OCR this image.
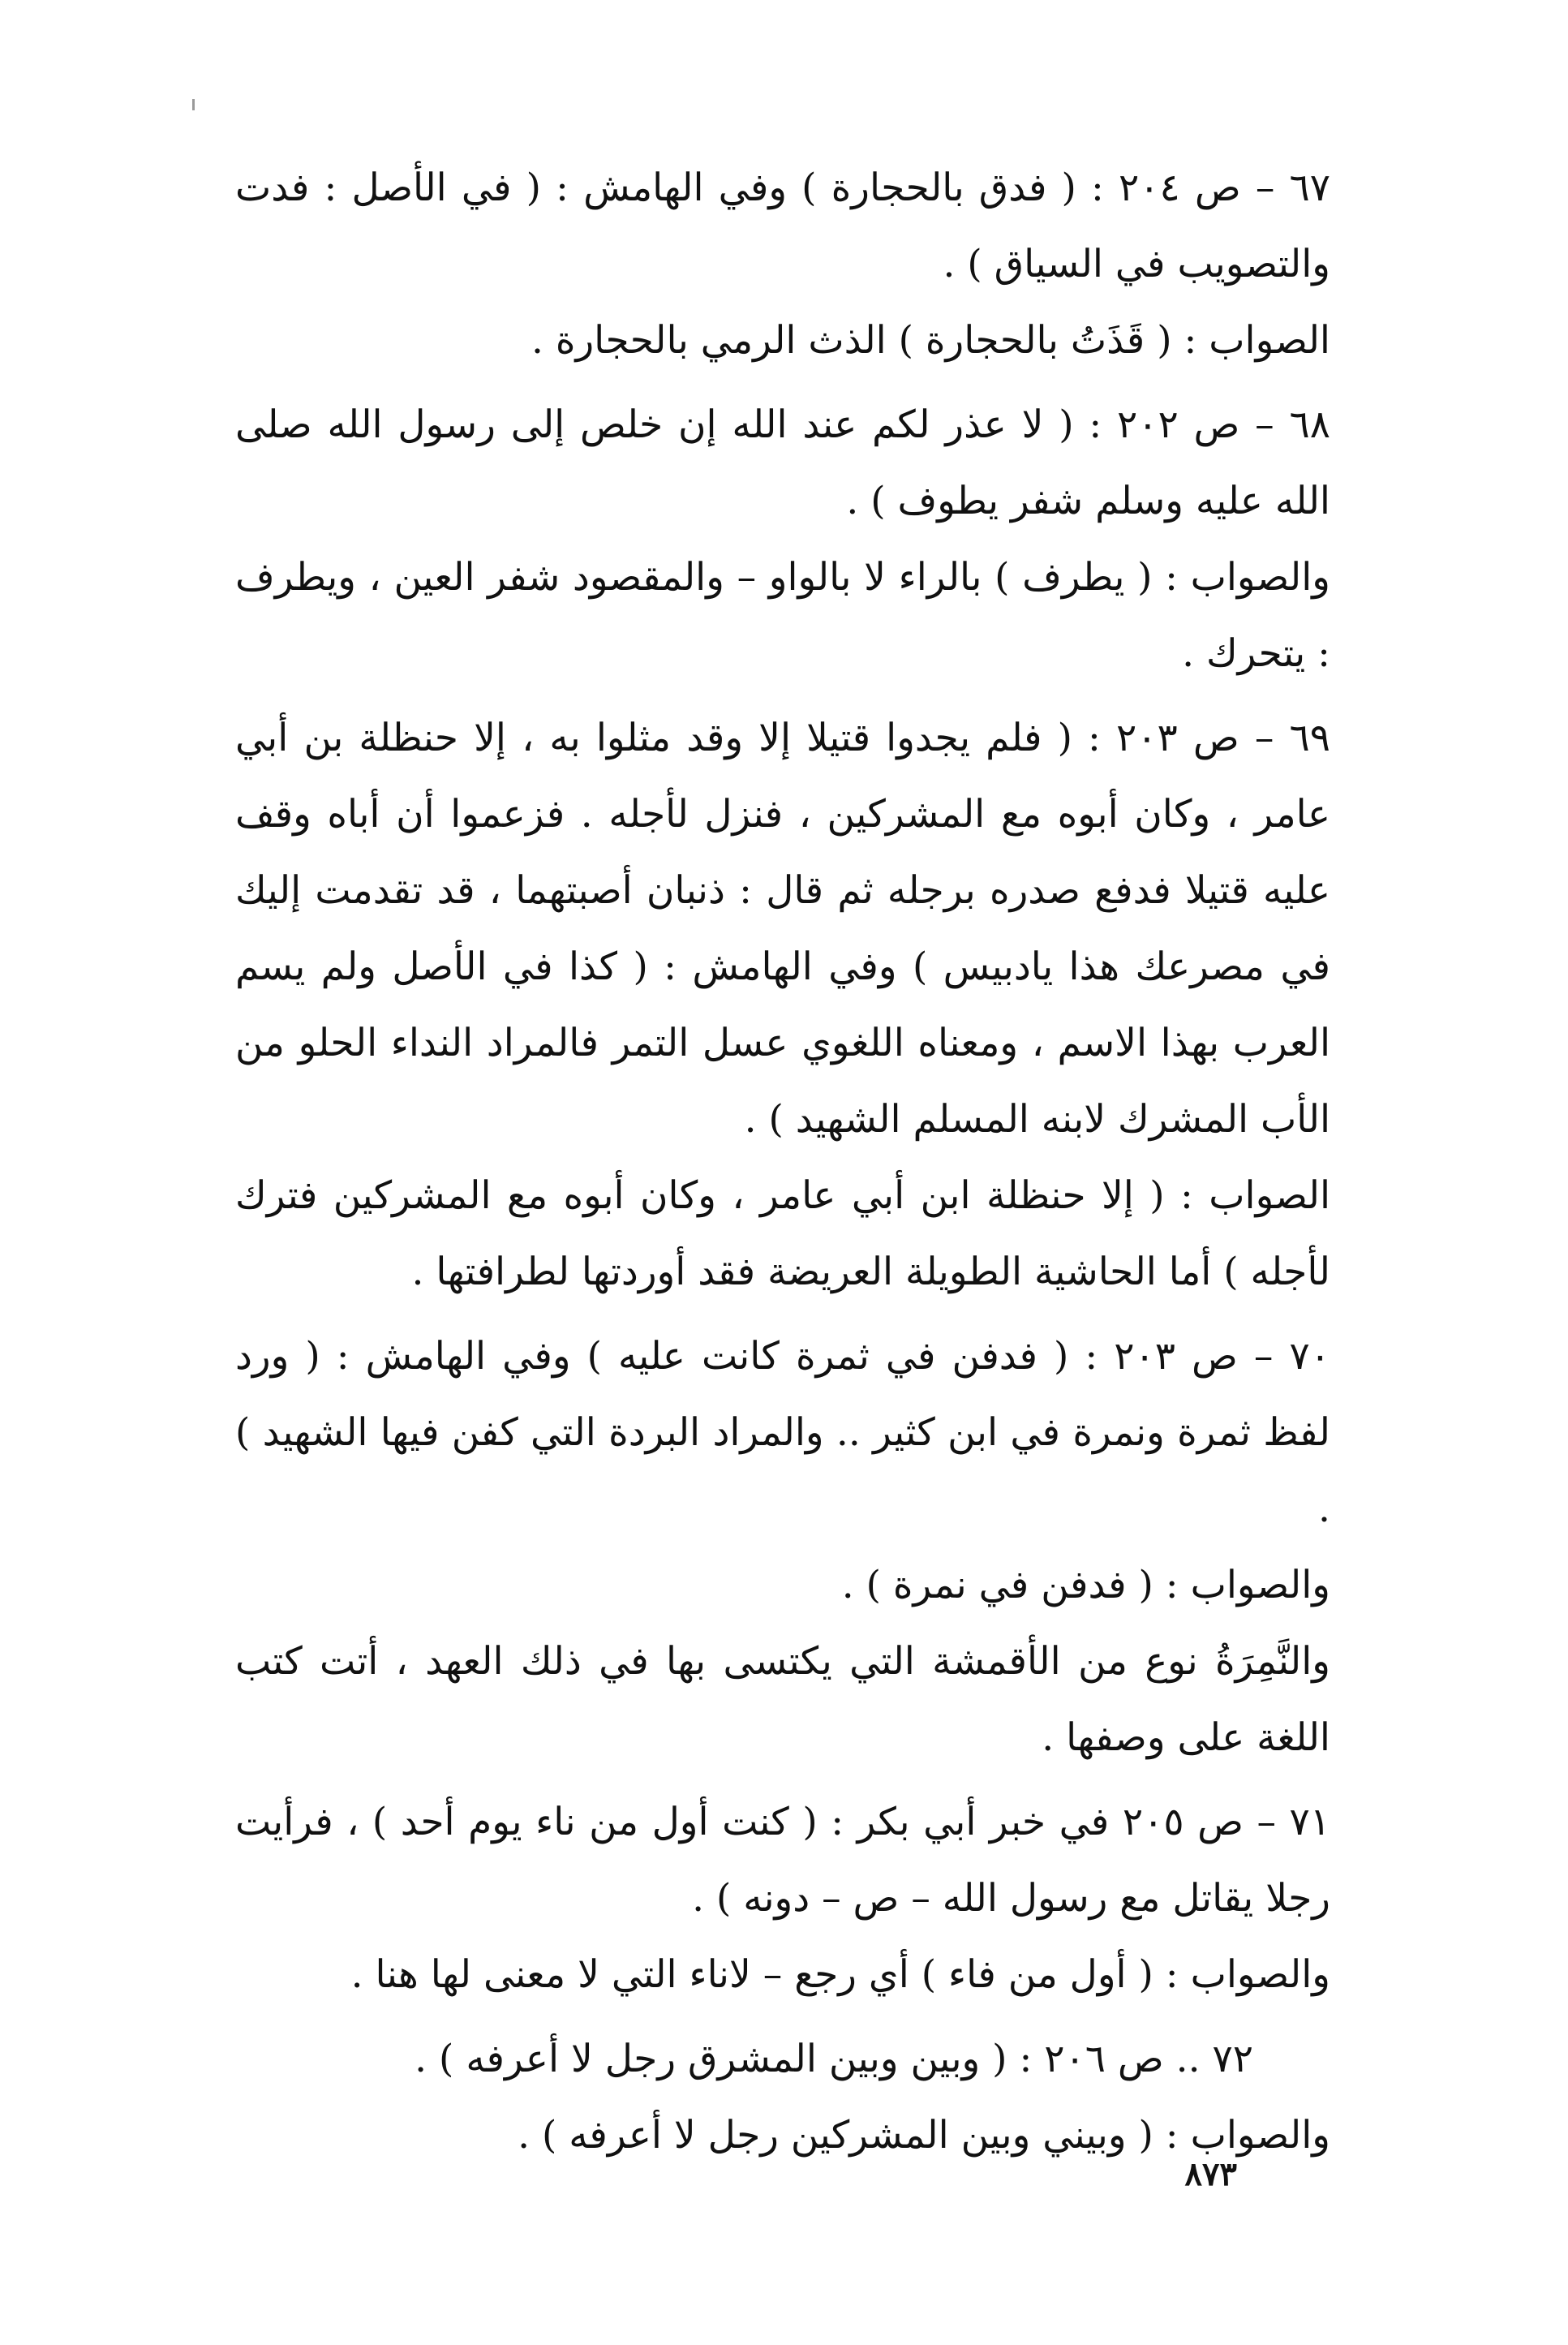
٦٧ – ص ٢٠٤ : ( فدق بالحجارة ) وفي الهامش : ( في الأصل : فدت والتصويب في السياق ) .

الصواب : ( قَذَتُ بالحجارة ) الذث الرمي بالحجارة .

٦٨ – ص ٢٠٢ : ( لا عذر لكم عند الله إن خلص إلى رسول الله صلى الله عليه وسلم شفر يطوف ) .

والصواب : ( يطرف ) بالراء لا بالواو – والمقصود شفر العين ، ويطرف : يتحرك .

٦٩ – ص ٢٠٣ : ( فلم يجدوا قتيلا إلا وقد مثلوا به ، إلا حنظلة بن أبي عامر ، وكان أبوه مع المشركين ، فنزل لأجله . فزعموا أن أباه وقف عليه قتيلا فدفع صدره برجله ثم قال : ذنبان أصبتهما ، قد تقدمت إليك في مصرعك هذا يادبيس ) وفي الهامش : ( كذا في الأصل ولم يسم العرب بهذا الاسم ، ومعناه اللغوي عسل التمر فالمراد النداء الحلو من الأب المشرك لابنه المسلم الشهيد ) .

الصواب : ( إلا حنظلة ابن أبي عامر ، وكان أبوه مع المشركين فترك لأجله ) أما الحاشية الطويلة العريضة فقد أوردتها لطرافتها .

٧٠ – ص ٢٠٣ : ( فدفن في ثمرة كانت عليه ) وفي الهامش : ( ورد لفظ ثمرة ونمرة في ابن كثير .. والمراد البردة التي كفن فيها الشهيد ) .

والصواب : ( فدفن في نمرة ) .

والنَّمِرَةُ نوع من الأقمشة التي يكتسى بها في ذلك العهد ، أتت كتب اللغة على وصفها .

٧١ – ص ٢٠٥ في خبر أبي بكر : ( كنت أول من ناء يوم أحد ) ، فرأيت رجلا يقاتل مع رسول الله – ص – دونه ) .

والصواب : ( أول من فاء ) أي رجع – لاناء التي لا معنى لها هنا .

٧٢ .. ص ٢٠٦ : ( وبين وبين المشرق رجل لا أعرفه ) .

والصواب : ( وبيني وبين المشركين رجل لا أعرفه ) .

٨٧٣
